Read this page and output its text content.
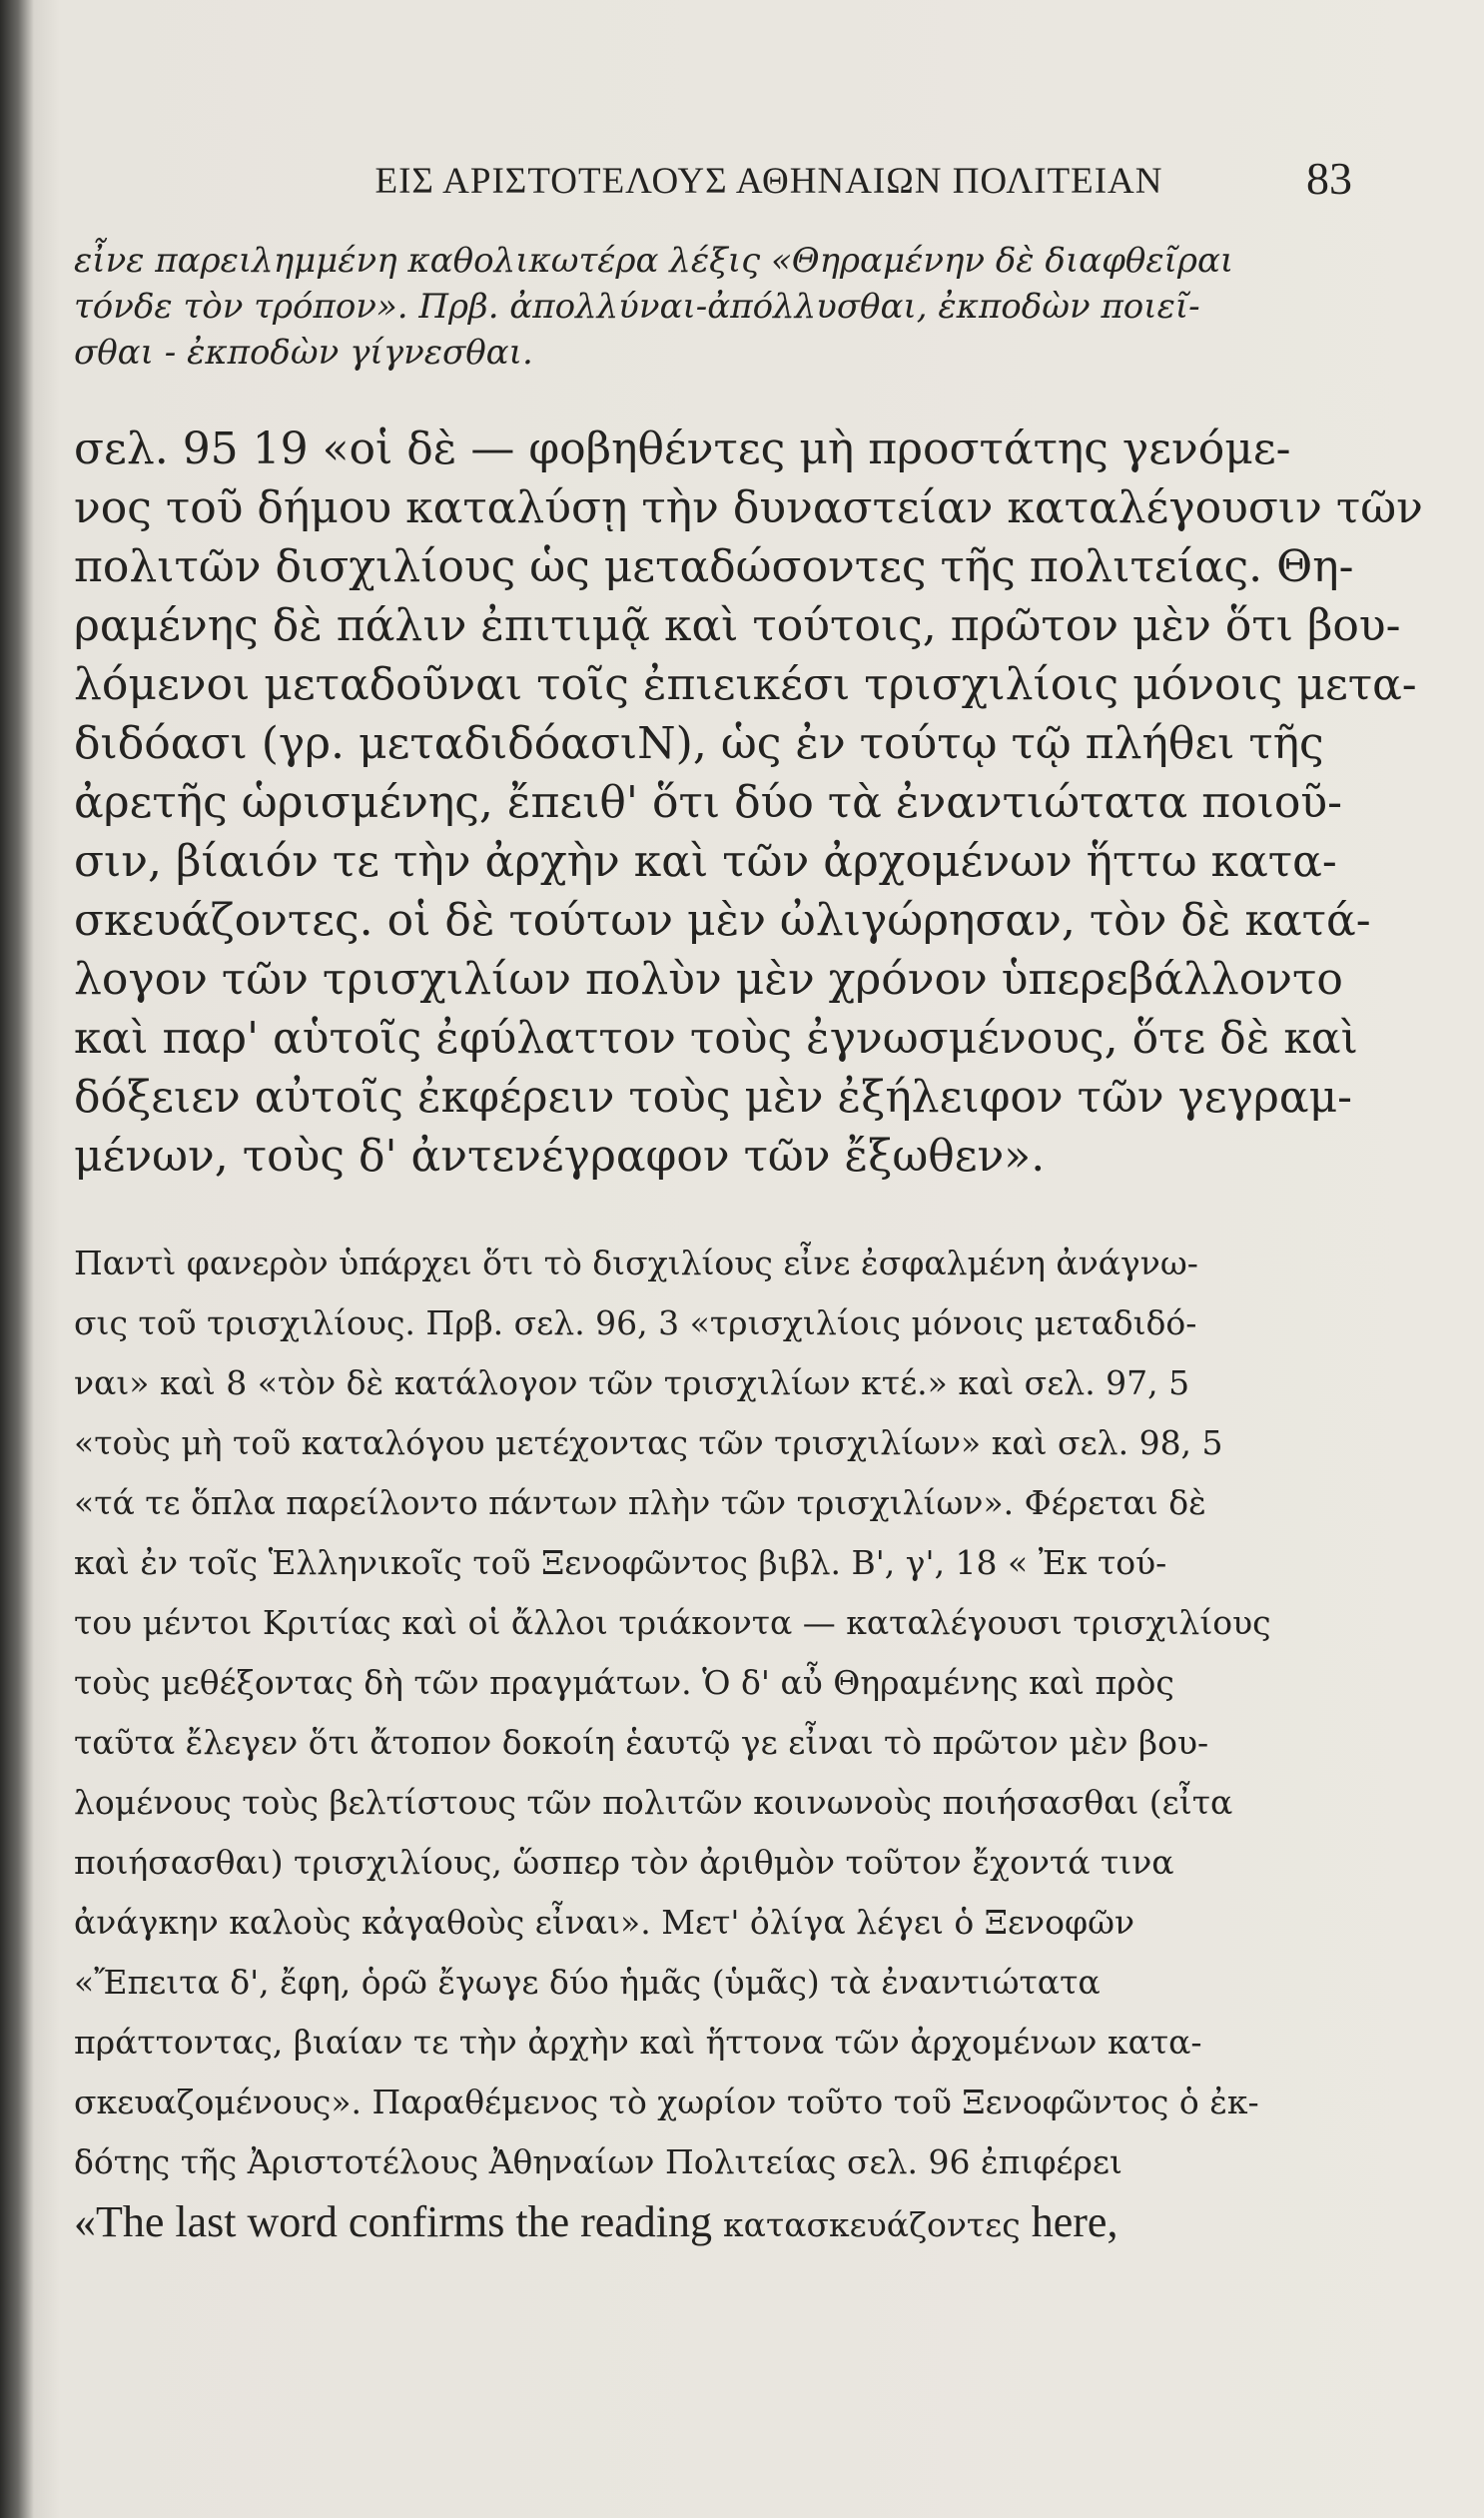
ΕΙΣ ΑΡΙΣΤΟΤΕΛΟΥΣ ΑΘΗΝΑΙΩΝ ΠΟΛΙΤΕΙΑΝ	83
εἶνε παρειλημμένη καθολικωτέρα λέξις «Θηραμένην δὲ διαφθεῖραι
τόνδε τὸν τρόπον». Πρβ. ἀπολλύναι-ἀπόλλυσθαι, ἐκποδὼν ποιεῖ-
σθαι - ἐκποδὼν γίγνεσθαι.
σελ. 95 19 «οἱ δὲ — φοβηθέντες μὴ προστάτης γενόμε-
νος τοῦ δήμου καταλύσῃ τὴν δυναστείαν καταλέγουσιν τῶν
πολιτῶν δισχιλίους ὡς μεταδώσοντες τῆς πολιτείας. Θη-
ραμένης δὲ πάλιν ἐπιτιμᾷ καὶ τούτοις, πρῶτον μὲν ὅτι βου-
λόμενοι μεταδοῦναι τοῖς ἐπιεικέσι τρισχιλίοις μόνοις μετα-
διδόασι (γρ. μεταδιδόασιΝ), ὡς ἐν τούτῳ τῷ πλήθει τῆς
ἀρετῆς ὡρισμένης, ἔπειθ' ὅτι δύο τὰ ἐναντιώτατα ποιοῦ-
σιν, βίαιόν τε τὴν ἀρχὴν καὶ τῶν ἀρχομένων ἥττω κατα-
σκευάζοντες. οἱ δὲ τούτων μὲν ὠλιγώρησαν, τὸν δὲ κατά-
λογον τῶν τρισχιλίων πολὺν μὲν χρόνον ὑπερεβάλλοντο
καὶ παρ' αὑτοῖς ἐφύλαττον τοὺς ἐγνωσμένους, ὅτε δὲ καὶ
δόξειεν αὐτοῖς ἐκφέρειν τοὺς μὲν ἐξήλειφον τῶν γεγραμ-
μένων, τοὺς δ' ἀντενέγραφον τῶν ἔξωθεν».
Παντὶ φανερὸν ὑπάρχει ὅτι τὸ δισχιλίους εἶνε ἐσφαλμένη ἀνάγνω-
σις τοῦ τρισχιλίους. Πρβ. σελ. 96, 3 «τρισχιλίοις μόνοις μεταδιδό-
ναι» καὶ 8 «τὸν δὲ κατάλογον τῶν τρισχιλίων κτέ.» καὶ σελ. 97, 5
«τοὺς μὴ τοῦ καταλόγου μετέχοντας τῶν τρισχιλίων» καὶ σελ. 98, 5
«τά τε ὅπλα παρείλοντο πάντων πλὴν τῶν τρισχιλίων». Φέρεται δὲ
καὶ ἐν τοῖς Ἑλληνικοῖς τοῦ Ξενοφῶντος βιβλ. Β', γ', 18 « Ἐκ τού-
του μέντοι Κριτίας καὶ οἱ ἄλλοι τριάκοντα — καταλέγουσι τρισχιλίους
τοὺς μεθέξοντας δὴ τῶν πραγμάτων. Ὁ δ' αὖ Θηραμένης καὶ πρὸς
ταῦτα ἔλεγεν ὅτι ἄτοπον δοκοίη ἑαυτῷ γε εἶναι τὸ πρῶτον μὲν βου-
λομένους τοὺς βελτίστους τῶν πολιτῶν κοινωνοὺς ποιήσασθαι (εἶτα
ποιήσασθαι) τρισχιλίους, ὥσπερ τὸν ἀριθμὸν τοῦτον ἔχοντά τινα
ἀνάγκην καλοὺς κἀγαθοὺς εἶναι». Μετ' ὀλίγα λέγει ὁ Ξενοφῶν
«Ἔπειτα δ', ἔφη, ὁρῶ ἔγωγε δύο ἡμᾶς (ὑμᾶς) τὰ ἐναντιώτατα
πράττοντας, βιαίαν τε τὴν ἀρχὴν καὶ ἥττονα τῶν ἀρχομένων κατα-
σκευαζομένους». Παραθέμενος τὸ χωρίον τοῦτο τοῦ Ξενοφῶντος ὁ ἐκ-
δότης τῆς Ἀριστοτέλους Ἀθηναίων Πολιτείας σελ. 96 ἐπιφέρει
«The last word confirms the reading κατασκευάζοντες here,
